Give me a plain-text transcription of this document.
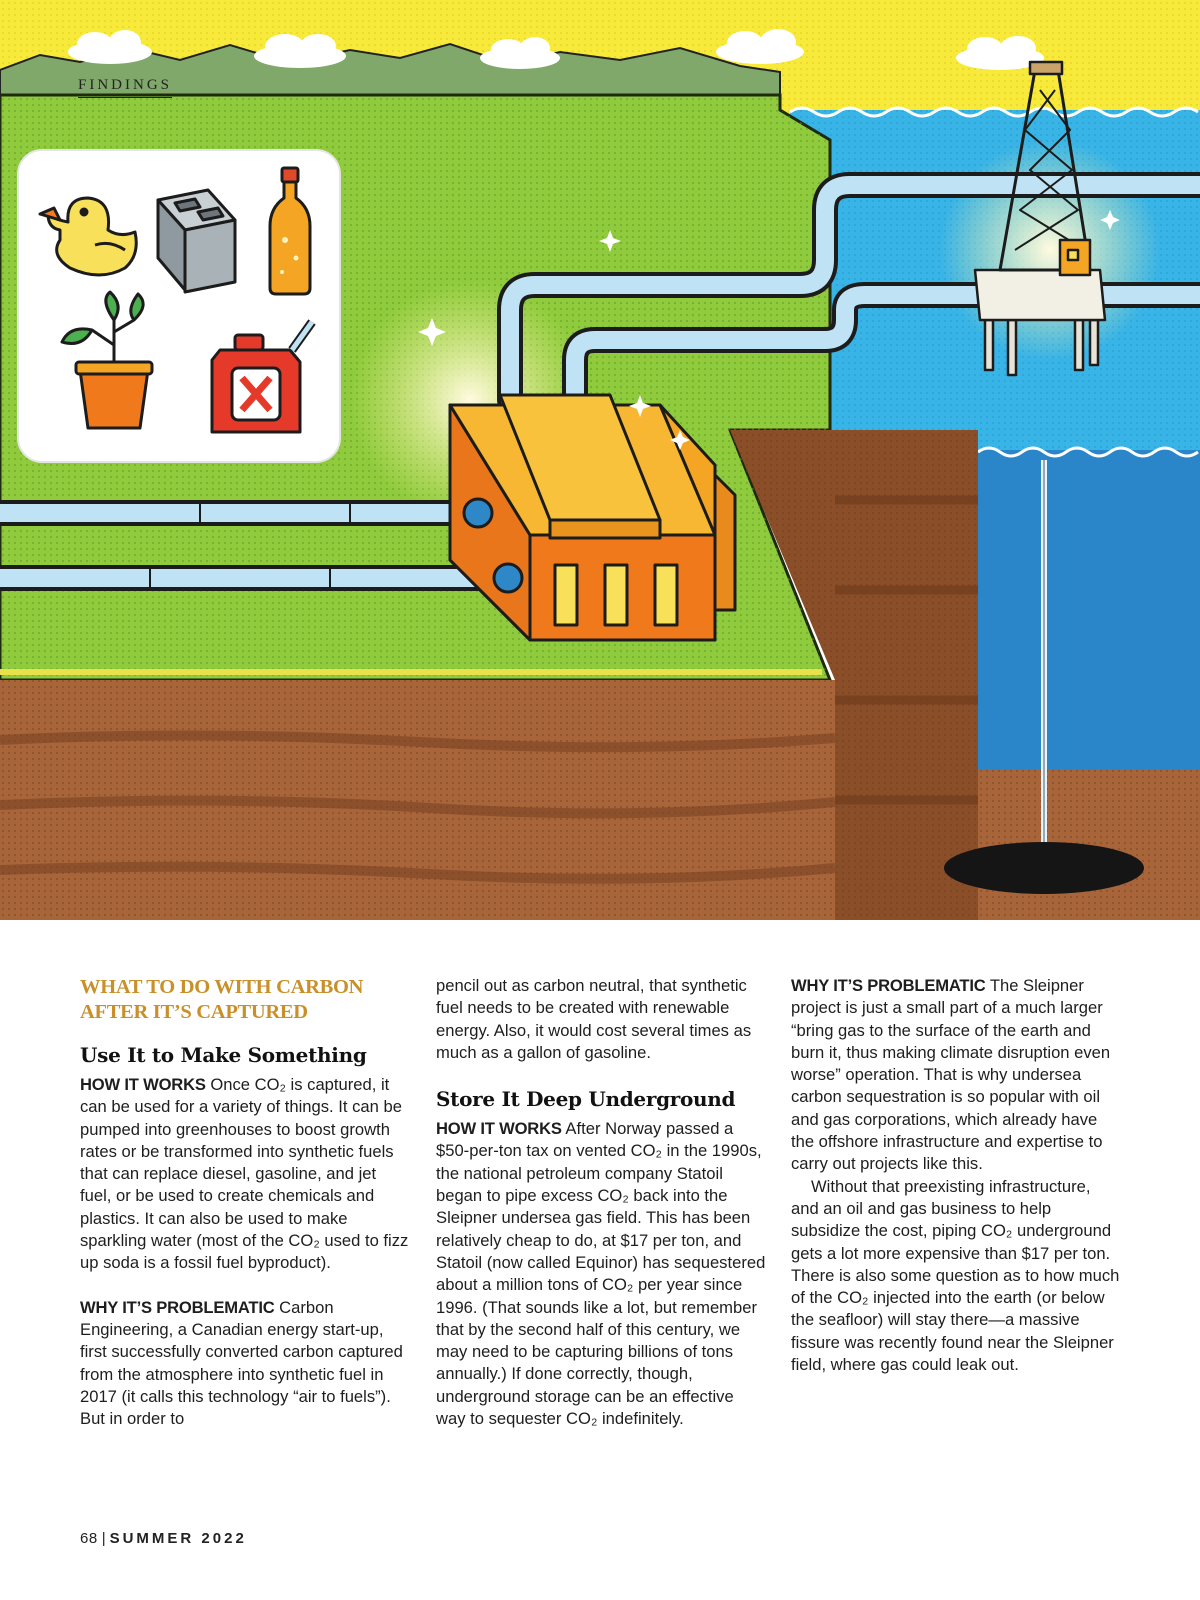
FINDINGS
WHAT TO DO WITH CARBON AFTER IT’S CAPTURED
Use It to Make Something

HOW IT WORKS Once CO₂ is captured, it can be used for a variety of things. It can be pumped into greenhouses to boost growth rates or be transformed into synthetic fuels that can replace diesel, gasoline, and jet fuel, or be used to create chemicals and plastics. It can also be used to make sparkling water (most of the CO₂ used to fizz up soda is a fossil fuel byproduct).

WHY IT’S PROBLEMATIC Carbon Engineering, a Canadian energy start-up, first successfully converted carbon captured from the atmosphere into synthetic fuel in 2017 (it calls this technology “air to fuels”). But in order to

pencil out as carbon neutral, that synthetic fuel needs to be created with renewable energy. Also, it would cost several times as much as a gallon of gasoline.

Store It Deep Underground

HOW IT WORKS After Norway passed a $50-per-ton tax on vented CO₂ in the 1990s, the national petroleum company Statoil began to pipe excess CO₂ back into the Sleipner undersea gas field. This has been relatively cheap to do, at $17 per ton, and Statoil (now called Equinor) has sequestered about a million tons of CO₂ per year since 1996. (That sounds like a lot, but remember that by the second half of this century, we may need to be capturing billions of tons annually.) If done correctly, though, underground storage can be an effective way to sequester CO₂ indefinitely.

WHY IT’S PROBLEMATIC The Sleipner project is just a small part of a much larger “bring gas to the surface of the earth and burn it, thus making climate disruption even worse” operation. That is why undersea carbon sequestration is so popular with oil and gas corporations, which already have the offshore infrastructure and expertise to carry out projects like this.

Without that preexisting infrastructure, and an oil and gas business to help subsidize the cost, piping CO₂ underground gets a lot more expensive than $17 per ton. There is also some question as to how much of the CO₂ injected into the earth (or below the seafloor) will stay there—a massive fissure was recently found near the Sleipner field, where gas could leak out.

68 | SUMMER 2022
